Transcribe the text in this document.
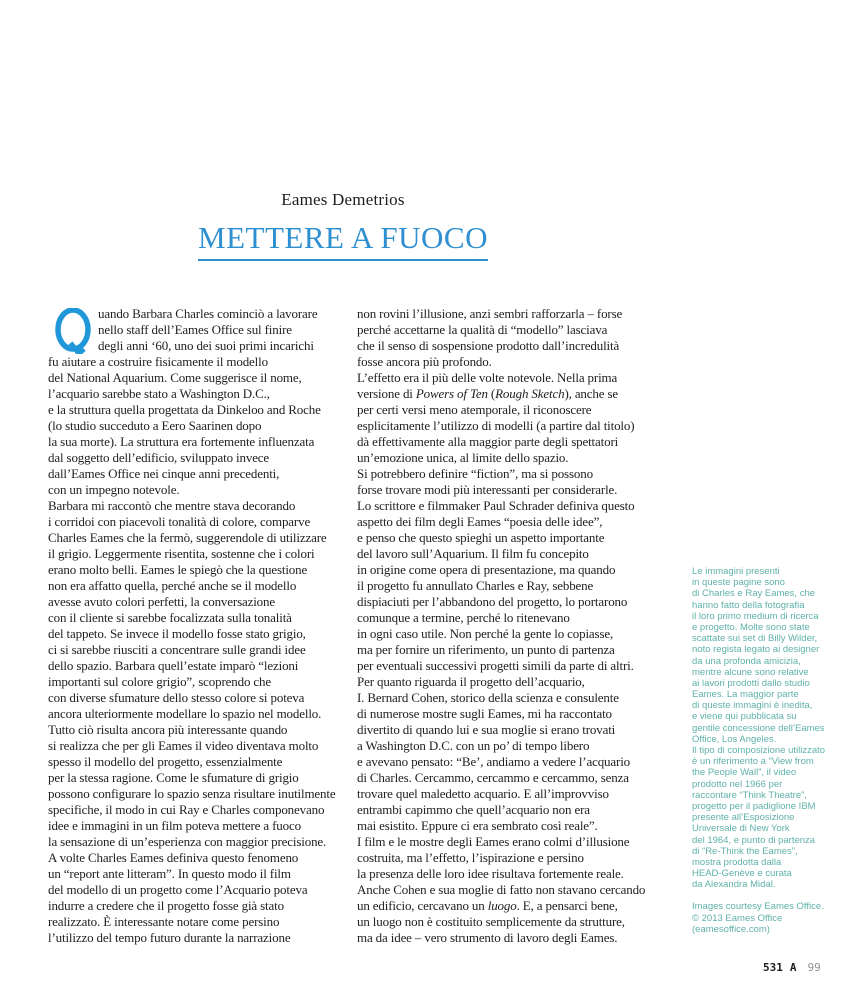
Eames Demetrios
METTERE A FUOCO
uando Barbara Charles cominciò a lavorare
nello staff dell’Eames Office sul finire
degli anni ‘60, uno dei suoi primi incarichi
fu aiutare a costruire fisicamente il modello
del National Aquarium. Come suggerisce il nome,
l’acquario sarebbe stato a Washington D.C.,
e la struttura quella progettata da Dinkeloo and Roche
(lo studio succeduto a Eero Saarinen dopo
la sua morte). La struttura era fortemente influenzata
dal soggetto dell’edificio, sviluppato invece
dall’Eames Office nei cinque anni precedenti,
con un impegno notevole.
Barbara mi raccontò che mentre stava decorando
i corridoi con piacevoli tonalità di colore, comparve
Charles Eames che la fermò, suggerendole di utilizzare
il grigio. Leggermente risentita, sostenne che i colori
erano molto belli. Eames le spiegò che la questione
non era affatto quella, perché anche se il modello
avesse avuto colori perfetti, la conversazione
con il cliente si sarebbe focalizzata sulla tonalità
del tappeto. Se invece il modello fosse stato grigio,
ci si sarebbe riusciti a concentrare sulle grandi idee
dello spazio. Barbara quell’estate imparò “lezioni
importanti sul colore grigio”, scoprendo che
con diverse sfumature dello stesso colore si poteva
ancora ulteriormente modellare lo spazio nel modello.
Tutto ciò risulta ancora più interessante quando
si realizza che per gli Eames il video diventava molto
spesso il modello del progetto, essenzialmente
per la stessa ragione. Come le sfumature di grigio
possono configurare lo spazio senza risultare inutilmente
specifiche, il modo in cui Ray e Charles componevano
idee e immagini in un film poteva mettere a fuoco
la sensazione di un’esperienza con maggior precisione.
A volte Charles Eames definiva questo fenomeno
un “report ante litteram”. In questo modo il film
del modello di un progetto come l’Acquario poteva
indurre a credere che il progetto fosse già stato
realizzato. È interessante notare come persino
l’utilizzo del tempo futuro durante la narrazione
non rovini l’illusione, anzi sembri rafforzarla – forse
perché accettarne la qualità di “modello” lasciava
che il senso di sospensione prodotto dall’incredulità
fosse ancora più profondo.
L’effetto era il più delle volte notevole. Nella prima
versione di Powers of Ten (Rough Sketch), anche se
per certi versi meno atemporale, il riconoscere
esplicitamente l’utilizzo di modelli (a partire dal titolo)
dà effettivamente alla maggior parte degli spettatori
un’emozione unica, al limite dello spazio.
Si potrebbero definire “fiction”, ma si possono
forse trovare modi più interessanti per considerarle.
Lo scrittore e filmmaker Paul Schrader definiva questo
aspetto dei film degli Eames “poesia delle idee”,
e penso che questo spieghi un aspetto importante
del lavoro sull’Aquarium. Il film fu concepito
in origine come opera di presentazione, ma quando
il progetto fu annullato Charles e Ray, sebbene
dispiaciuti per l’abbandono del progetto, lo portarono
comunque a termine, perché lo ritenevano
in ogni caso utile. Non perché la gente lo copiasse,
ma per fornire un riferimento, un punto di partenza
per eventuali successivi progetti simili da parte di altri.
Per quanto riguarda il progetto dell’acquario,
I. Bernard Cohen, storico della scienza e consulente
di numerose mostre sugli Eames, mi ha raccontato
divertito di quando lui e sua moglie si erano trovati
a Washington D.C. con un po’ di tempo libero
e avevano pensato: “Be’, andiamo a vedere l’acquario
di Charles. Cercammo, cercammo e cercammo, senza
trovare quel maledetto acquario. E all’improvviso
entrambi capimmo che quell’acquario non era
mai esistito. Eppure ci era sembrato così reale”.
I film e le mostre degli Eames erano colmi d’illusione
costruita, ma l’effetto, l’ispirazione e persino
la presenza delle loro idee risultava fortemente reale.
Anche Cohen e sua moglie di fatto non stavano cercando
un edificio, cercavano un luogo. E, a pensarci bene,
un luogo non è costituito semplicemente da strutture,
ma da idee – vero strumento di lavoro degli Eames.
Le immagini presenti
in queste pagine sono
di Charles e Ray Eames, che
hanno fatto della fotografia
il loro primo medium di ricerca
e progetto. Molte sono state
scattate sui set di Billy Wilder,
noto regista legato ai designer
da una profonda amicizia,
mentre alcune sono relative
ai lavori prodotti dallo studio
Eames. La maggior parte
di queste immagini è inedita,
e viene qui pubblicata su
gentile concessione dell’Eames
Office, Los Angeles.
Il tipo di composizione utilizzato
è un riferimento a “View from
the People Wall”, il video
prodotto nel 1966 per
raccontare “Think Theatre”,
progetto per il padiglione IBM
presente all’Esposizione
Universale di New York
del 1964, e punto di partenza
di “Re-Think the Eames”,
mostra prodotta dalla
HEAD-Genève e curata
da Alexandra Midal.
Images courtesy Eames Office.
© 2013 Eames Office
(eamesoffice.com)
531 A 99
